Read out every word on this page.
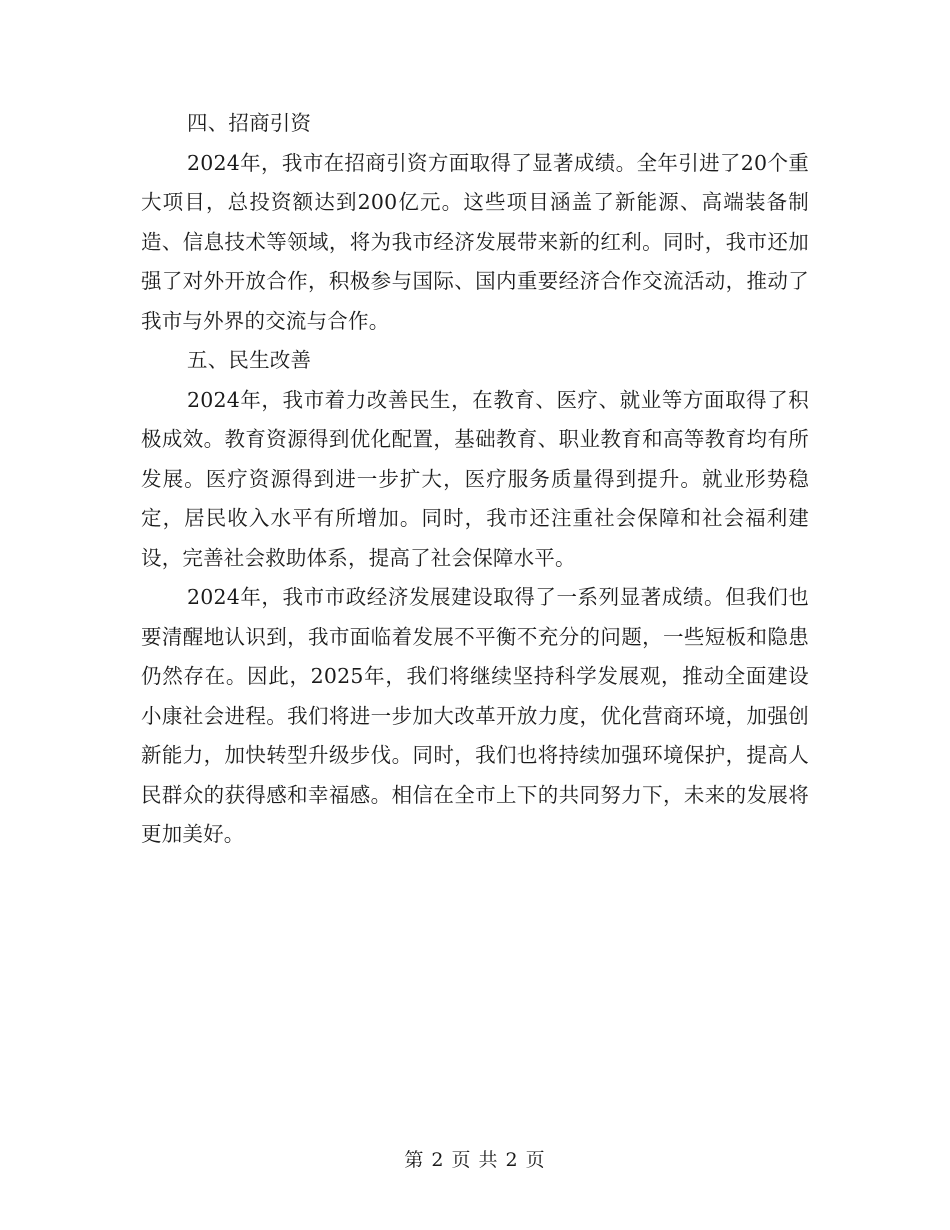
四、招商引资

2024年，我市在招商引资方面取得了显著成绩。全年引进了20个重大项目，总投资额达到200亿元。这些项目涵盖了新能源、高端装备制造、信息技术等领域，将为我市经济发展带来新的红利。同时，我市还加强了对外开放合作，积极参与国际、国内重要经济合作交流活动，推动了我市与外界的交流与合作。

五、民生改善

2024年，我市着力改善民生，在教育、医疗、就业等方面取得了积极成效。教育资源得到优化配置，基础教育、职业教育和高等教育均有所发展。医疗资源得到进一步扩大，医疗服务质量得到提升。就业形势稳定，居民收入水平有所增加。同时，我市还注重社会保障和社会福利建设，完善社会救助体系，提高了社会保障水平。

2024年，我市市政经济发展建设取得了一系列显著成绩。但我们也要清醒地认识到，我市面临着发展不平衡不充分的问题，一些短板和隐患仍然存在。因此，2025年，我们将继续坚持科学发展观，推动全面建设小康社会进程。我们将进一步加大改革开放力度，优化营商环境，加强创新能力，加快转型升级步伐。同时，我们也将持续加强环境保护，提高人民群众的获得感和幸福感。相信在全市上下的共同努力下，未来的发展将更加美好。

第 2 页 共 2 页
